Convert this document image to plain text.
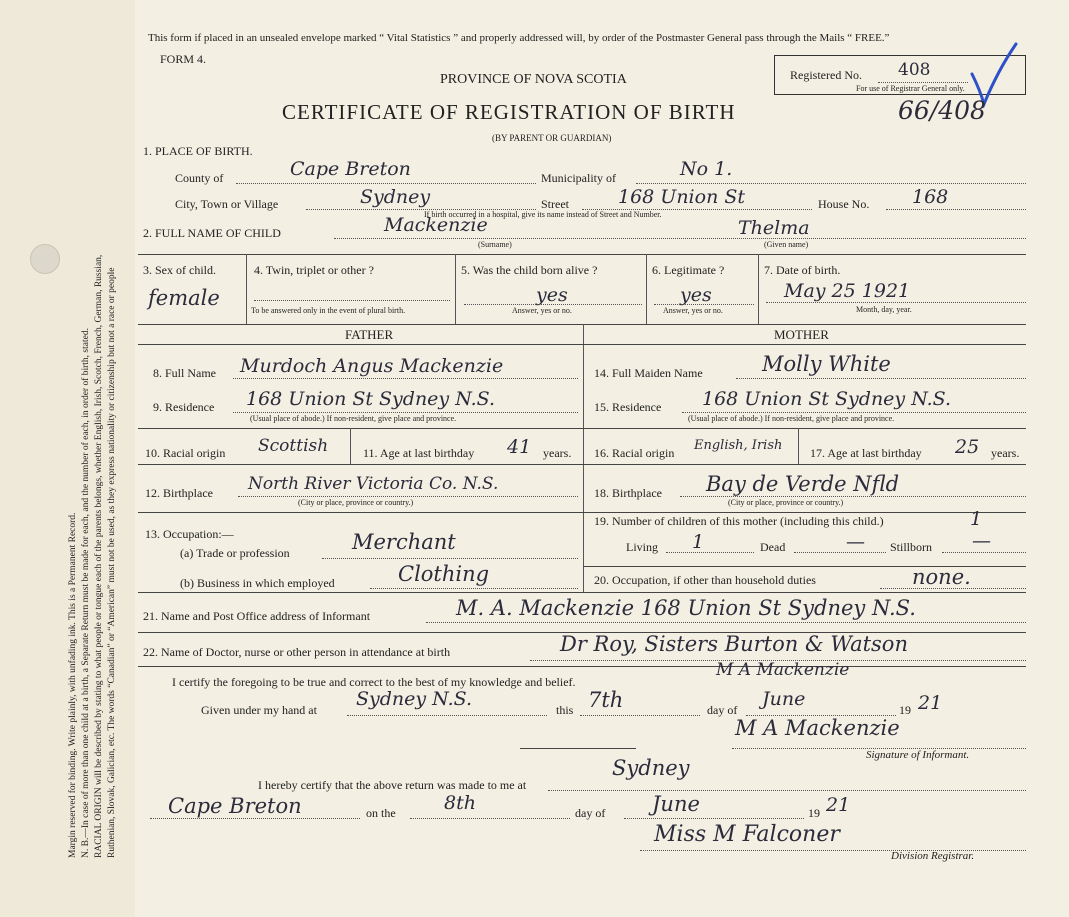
Margin reserved for binding. Write plainly, with unfading ink. This is a Permanent Record. N. B.—In case of more than one child at a birth, a Separate Return must be made for each, and the number of each, in order of birth, stated. RACIAL ORIGIN will be described by stating to what people or tongue each of the parents belongs, whether English, Irish, Scotch, French, German, Russian, Ruthenian, Slovak, Galician, etc. The words “Canadian” or “American” must not be used, as they express nationality or citizenship but not a race or people
This form if placed in an unsealed envelope marked “ Vital Statistics ” and properly addressed will, by order of the Postmaster General pass through the Mails “ FREE.”
FORM 4.
PROVINCE OF NOVA SCOTIA
CERTIFICATE OF REGISTRATION OF BIRTH
(BY PARENT OR GUARDIAN)
Registered No. 408
For use of Registrar General only.
66/408
1. PLACE OF BIRTH.
County of	Cape Breton	Municipality of	No 1.
City, Town or Village	Sydney	Street	168 Union St	House No. 168
If birth occurred in a hospital, give its name instead of Street and Number.
2. FULL NAME OF CHILD	Mackenzie	Thelma
(Surname)	(Given name)
3. Sex of child.
female
4. Twin, triplet or other ?
To be answered only in the event of plural birth.
5. Was the child born alive ?
yes
Answer, yes or no.
6. Legitimate ?
yes
Answer, yes or no.
7. Date of birth.
May 25 1921
Month, day, year.
FATHER	MOTHER
8. Full Name Murdoch Angus Mackenzie
9. Residence 168 Union St Sydney N.S.
(Usual place of abode.) If non-resident, give place and province.
10. Racial origin Scottish	11. Age at last birthday 41 years.
12. Birthplace North River Victoria Co. N.S.
(City or place, province or country.)
13. Occupation:—
(a) Trade or profession	Merchant
(b) Business in which employed	Clothing
14. Full Maiden Name	Molly White
15. Residence 168 Union St Sydney N.S.
(Usual place of abode.) If non-resident, give place and province.
16. Racial origin English, Irish 17. Age at last birthday 25 years.
18. Birthplace Bay de Verde Nfld
(City or place, province or country.)
19. Number of children of this mother (including this child.)	1
Living 1	Dead	— Stillborn —
20. Occupation, if other than household duties	none.
21. Name and Post Office address of Informant	M. A. Mackenzie 168 Union St Sydney N.S.
22. Name of Doctor, nurse or other person in attendance at birth	Dr Roy, Sisters Burton & Watson
I certify the foregoing to be true and correct to the best of my knowledge and belief.
M A Mackenzie
Given under my hand at Sydney N.S.	this 7th	day of June	19 21
M A Mackenzie
Signature of Informant.
I hereby certify that the above return was made to me at
Sydney
Cape Breton	on the	8th	day of June	19 21
Miss M Falconer
Division Registrar.
